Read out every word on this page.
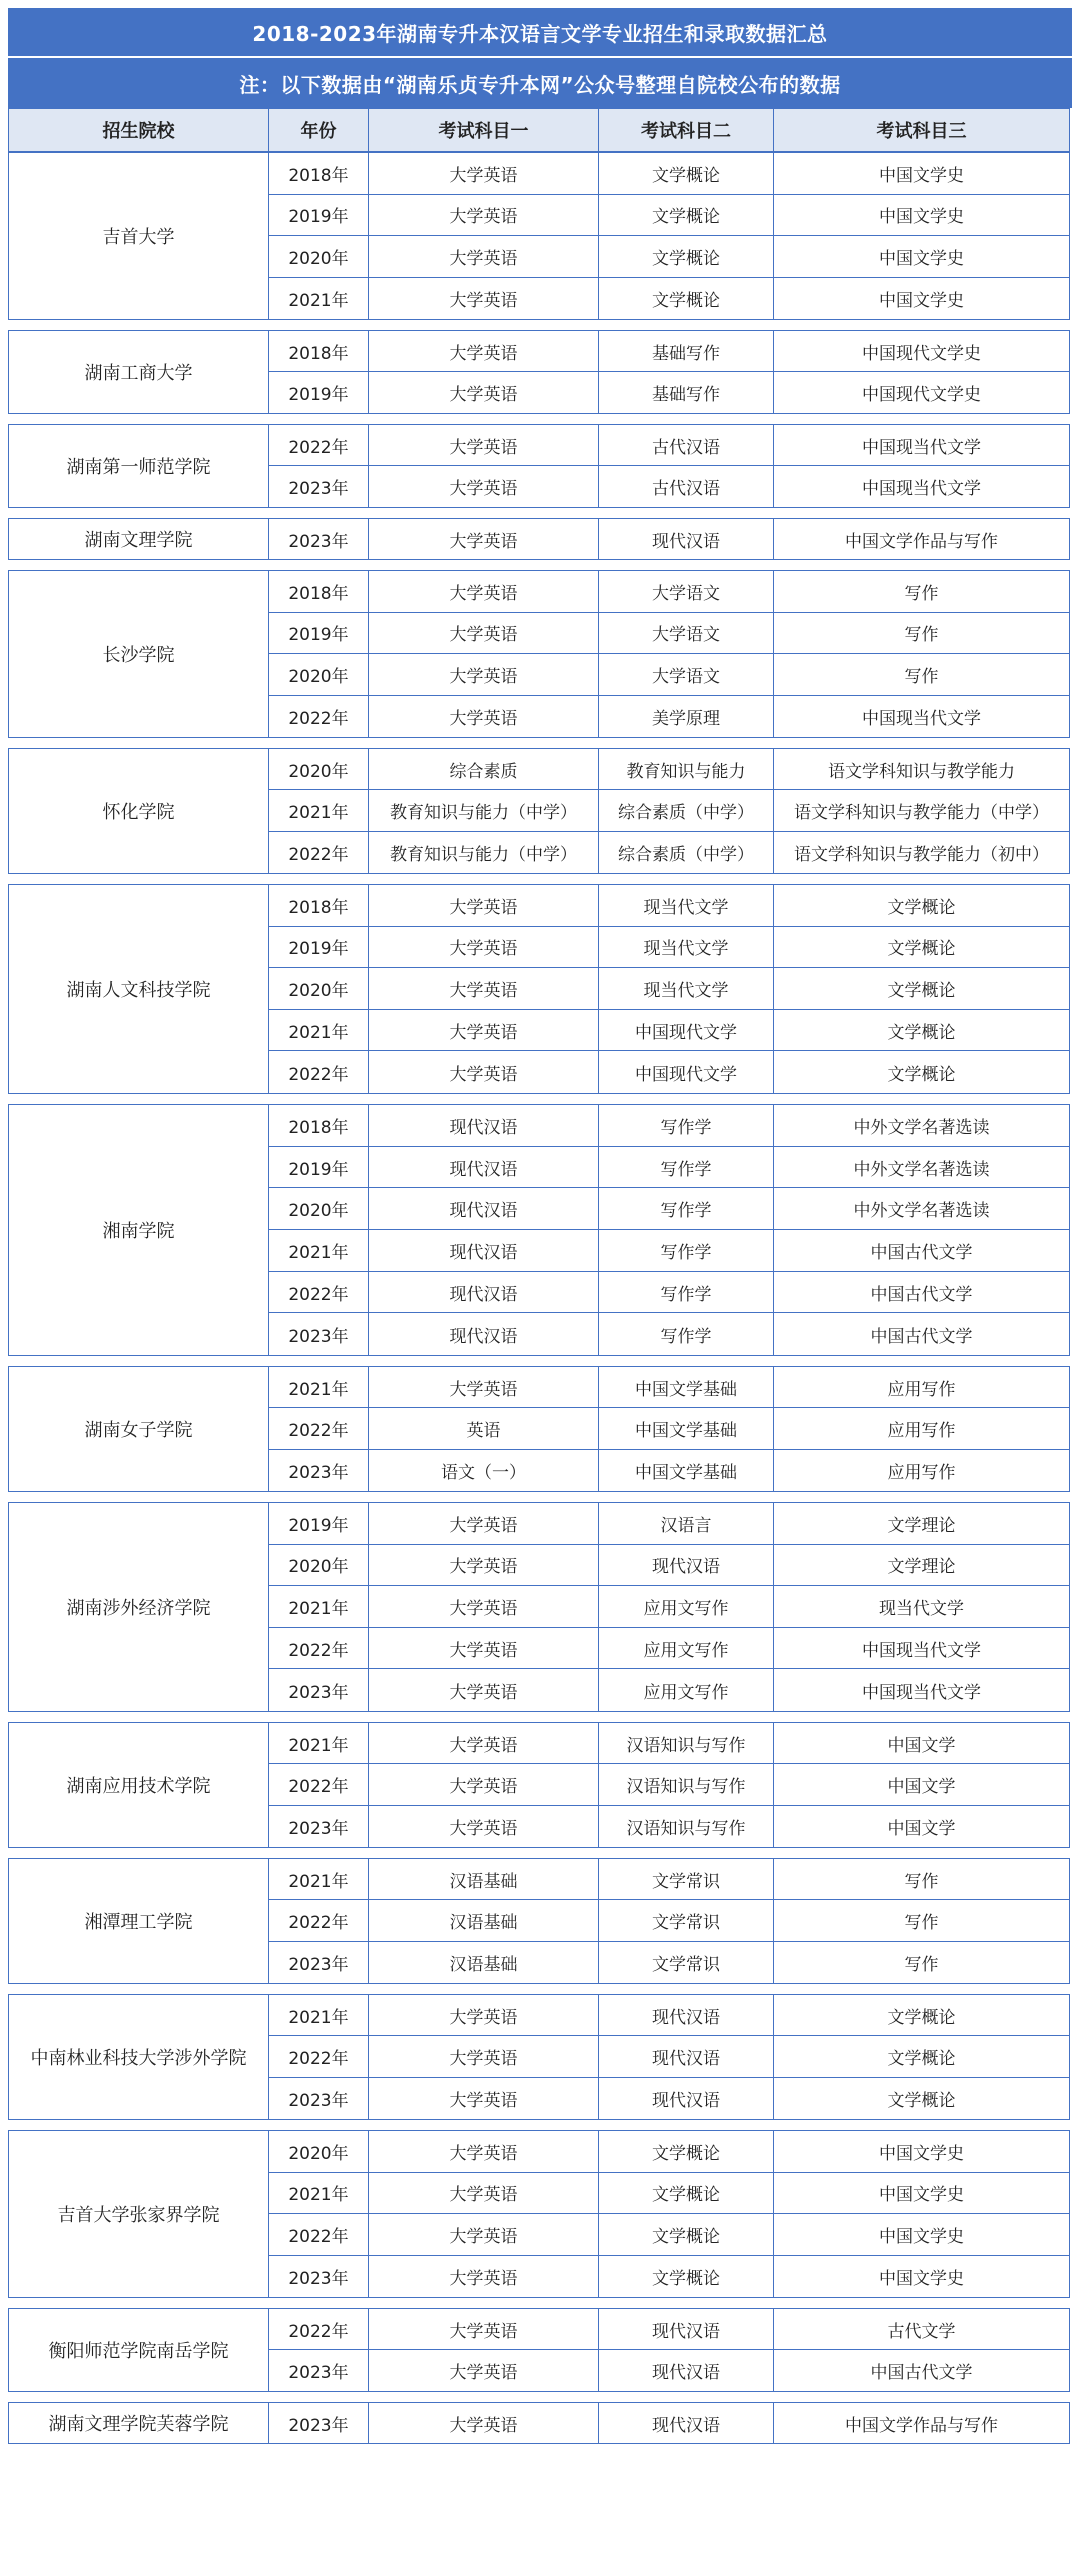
2018-2023年湖南专升本汉语言文学专业招生和录取数据汇总
注：以下数据由“湖南乐贞专升本网”公众号整理自院校公布的数据
招生院校	年份	考试科目一	考试科目二	考试科目三
吉首大学
2018年	大学英语	文学概论	中国文学史
2019年	大学英语	文学概论	中国文学史
2020年	大学英语	文学概论	中国文学史
2021年	大学英语	文学概论	中国文学史
湖南工商大学
2018年	大学英语	基础写作	中国现代文学史
2019年	大学英语	基础写作	中国现代文学史
湖南第一师范学院
2022年	大学英语	古代汉语	中国现当代文学
2023年	大学英语	古代汉语	中国现当代文学
湖南文理学院	2023年	大学英语	现代汉语	中国文学作品与写作
长沙学院
2018年	大学英语	大学语文	写作
2019年	大学英语	大学语文	写作
2020年	大学英语	大学语文	写作
2022年	大学英语	美学原理	中国现当代文学
怀化学院
2020年	综合素质	教育知识与能力	语文学科知识与教学能力
2021年	教育知识与能力（中学）	综合素质（中学）	语文学科知识与教学能力（中学）
2022年	教育知识与能力（中学）	综合素质（中学）	语文学科知识与教学能力（初中）
湖南人文科技学院
2018年	大学英语	现当代文学	文学概论
2019年	大学英语	现当代文学	文学概论
2020年	大学英语	现当代文学	文学概论
2021年	大学英语	中国现代文学	文学概论
2022年	大学英语	中国现代文学	文学概论
湘南学院
2018年	现代汉语	写作学	中外文学名著选读
2019年	现代汉语	写作学	中外文学名著选读
2020年	现代汉语	写作学	中外文学名著选读
2021年	现代汉语	写作学	中国古代文学
2022年	现代汉语	写作学	中国古代文学
2023年	现代汉语	写作学	中国古代文学
湖南女子学院
2021年	大学英语	中国文学基础	应用写作
2022年	英语	中国文学基础	应用写作
2023年	语文（一）	中国文学基础	应用写作
湖南涉外经济学院
2019年	大学英语	汉语言	文学理论
2020年	大学英语	现代汉语	文学理论
2021年	大学英语	应用文写作	现当代文学
2022年	大学英语	应用文写作	中国现当代文学
2023年	大学英语	应用文写作	中国现当代文学
湖南应用技术学院
2021年	大学英语	汉语知识与写作	中国文学
2022年	大学英语	汉语知识与写作	中国文学
2023年	大学英语	汉语知识与写作	中国文学
湘潭理工学院
2021年	汉语基础	文学常识	写作
2022年	汉语基础	文学常识	写作
2023年	汉语基础	文学常识	写作
中南林业科技大学涉外学院
2021年	大学英语	现代汉语	文学概论
2022年	大学英语	现代汉语	文学概论
2023年	大学英语	现代汉语	文学概论
吉首大学张家界学院
2020年	大学英语	文学概论	中国文学史
2021年	大学英语	文学概论	中国文学史
2022年	大学英语	文学概论	中国文学史
2023年	大学英语	文学概论	中国文学史
衡阳师范学院南岳学院
2022年	大学英语	现代汉语	古代文学
2023年	大学英语	现代汉语	中国古代文学
湖南文理学院芙蓉学院	2023年	大学英语	现代汉语	中国文学作品与写作
